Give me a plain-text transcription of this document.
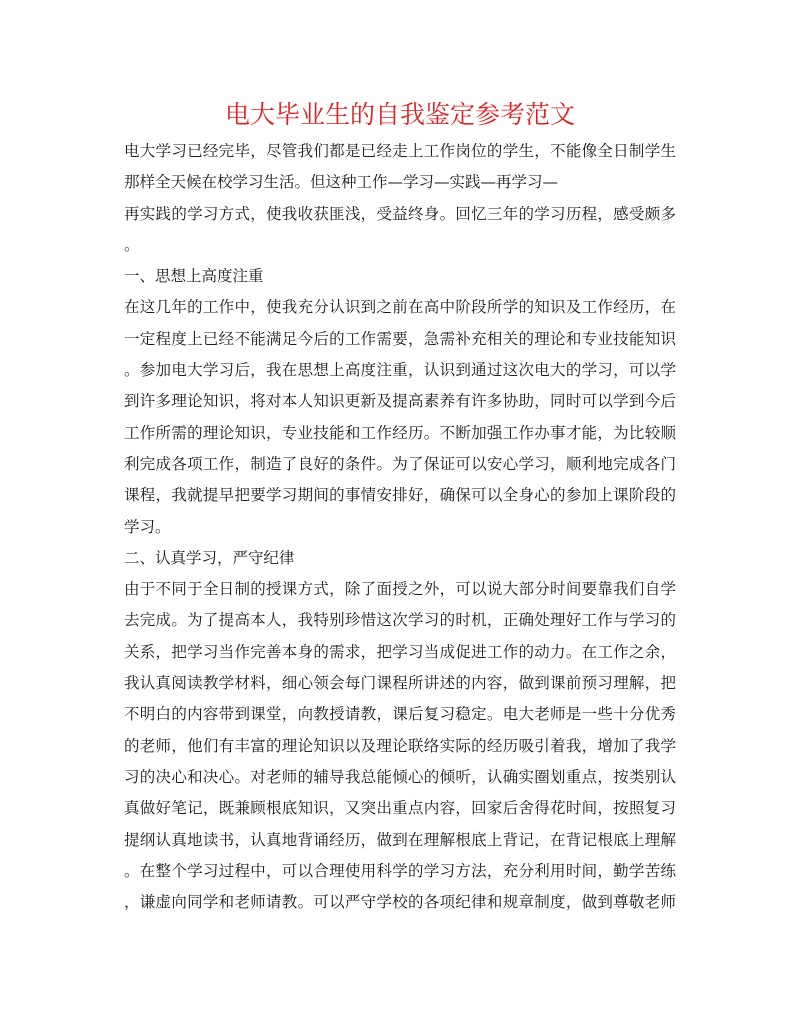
电大毕业生的自我鉴定参考范文
电大学习已经完毕，尽管我们都是已经走上工作岗位的学生，不能像全日制学生
那样全天候在校学习生活。但这种工作—学习—实践—再学习—
再实践的学习方式，使我收获匪浅，受益终身。回忆三年的学习历程，感受颇多
。
一、思想上高度注重
在这几年的工作中，使我充分认识到之前在高中阶段所学的知识及工作经历，在
一定程度上已经不能满足今后的工作需要，急需补充相关的理论和专业技能知识
。参加电大学习后，我在思想上高度注重，认识到通过这次电大的学习，可以学
到许多理论知识，将对本人知识更新及提高素养有许多协助，同时可以学到今后
工作所需的理论知识，专业技能和工作经历。不断加强工作办事才能，为比较顺
利完成各项工作，制造了良好的条件。为了保证可以安心学习，顺利地完成各门
课程，我就提早把要学习期间的事情安排好，确保可以全身心的参加上课阶段的
学习。
二、认真学习，严守纪律
由于不同于全日制的授课方式，除了面授之外，可以说大部分时间要靠我们自学
去完成。为了提高本人，我特别珍惜这次学习的时机，正确处理好工作与学习的
关系，把学习当作完善本身的需求，把学习当成促进工作的动力。在工作之余，
我认真阅读教学材料，细心领会每门课程所讲述的内容，做到课前预习理解，把
不明白的内容带到课堂，向教授请教，课后复习稳定。电大老师是一些十分优秀
的老师，他们有丰富的理论知识以及理论联络实际的经历吸引着我，增加了我学
习的决心和决心。对老师的辅导我总能倾心的倾听，认确实圈划重点，按类别认
真做好笔记，既兼顾根底知识，又突出重点内容，回家后舍得花时间，按照复习
提纲认真地读书，认真地背诵经历，做到在理解根底上背记，在背记根底上理解
。在整个学习过程中，可以合理使用科学的学习方法，充分利用时间，勤学苦练
，谦虚向同学和老师请教。可以严守学校的各项纪律和规章制度，做到尊敬老师
